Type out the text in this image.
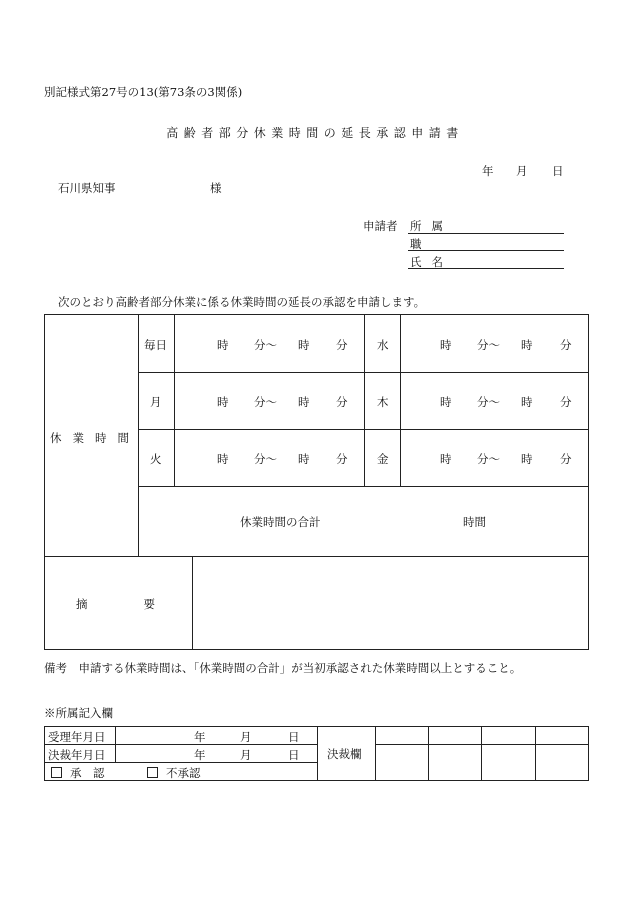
別記様式第27号の13(第73条の3関係)
高齢者部分休業時間の延長承認申請書
年 月 日
石川県知事	様
申請者 所属
職
氏名
次のとおり高齢者部分休業に係る休業時間の延長の承認を申請します。
休業時間
毎日	時 分〜 時 分	水	時 分〜 時 分
月	時 分〜 時 分	木	時 分〜 時 分
火	時 分〜 時 分	金	時 分〜 時 分
休業時間の合計	時間
摘要
備考　申請する休業時間は、「休業時間の合計」が当初承認された休業時間以上とすること。
※所属記入欄
受理年月日	年	月	日
決裁年月日	年	月	日
承　認	不承認
決裁欄
